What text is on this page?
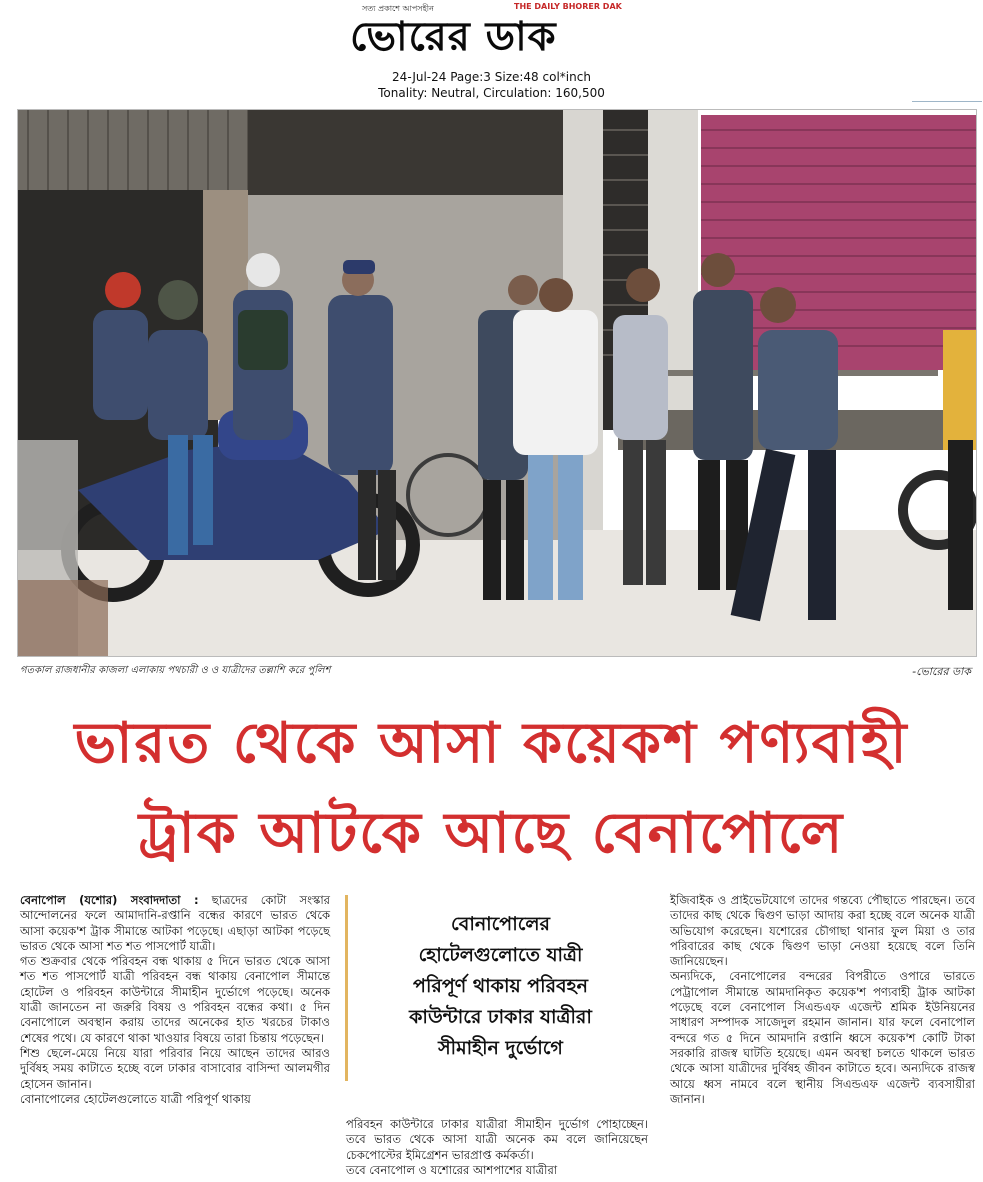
সত্য প্রকাশে আপসহীন	THE DAILY BHORER DAK
ভোরের ডাক
24-Jul-24 Page:3 Size:48 col*inch
Tonality: Neutral, Circulation: 160,500
গতকাল রাজধানীর কাজলা এলাকায় পথচারী ও ও যাত্রীদের তল্লাশি করে পুলিশ	-ভোরের ডাক
ভারত থেকে আসা কয়েকশ পণ্যবাহী
ট্রাক আটকে আছে বেনাপোলে

বেনাপোল (যশোর) সংবাদদাতা : ছাত্রদের কোটা সংস্কার আন্দোলনের ফলে আমাদানি-রপ্তানি বন্ধের কারণে ভারত থেকে আসা কয়েক'শ ট্রাক সীমান্তে আটকা পড়েছে। এছাড়া আটকা পড়েছে ভারত থেকে আসা শত শত পাসপোর্ট যাত্রী।

গত শুক্রবার থেকে পরিবহন বন্ধ থাকায় ৫ দিনে ভারত থেকে আসা শত শত পাসপোর্ট যাত্রী পরিবহন বন্ধ থাকায় বেনাপোল সীমান্তে হোটেল ও পরিবহন কাউন্টারে সীমাহীন দুর্ভোগে পড়েছে। অনেক যাত্রী জানতেন না জরুরি বিষয় ও পরিবহন বন্ধের কথা। ৫ দিন বেনাপোলে অবস্থান করায় তাদের অনেকের হাত খরচের টাকাও শেষের পথে। যে কারণে থাকা খাওয়ার বিষয়ে তারা চিন্তায় পড়েছেন।

শিশু ছেলে-মেয়ে নিয়ে যারা পরিবার নিয়ে আছেন তাদের আরও দুর্বিষহ সময় কাটাতে হচ্ছে বলে ঢাকার বাসাবোর বাসিন্দা আলমগীর হোসেন জানান।

বোনাপোলের হোটেলগুলোতে যাত্রী পরিপূর্ণ থাকায়

বোনাপোলের
হোটেলগুলোতে যাত্রী
পরিপূর্ণ থাকায় পরিবহন
কাউন্টারে ঢাকার যাত্রীরা
সীমাহীন দুর্ভোগে

পরিবহন কাউন্টারে ঢাকার যাত্রীরা সীমাহীন দুর্ভোগ পোহাচ্ছেন। তবে ভারত থেকে আসা যাত্রী অনেক কম বলে জানিয়েছেন চেকপোস্টের ইমিগ্রেশন ভারপ্রাপ্ত কর্মকর্তা।

তবে বেনাপোল ও যশোরের আশপাশের যাত্রীরা

ইজিবাইক ও প্রাইভেটযোগে তাদের গন্তব্যে পৌছাতে পারছেন। তবে তাদের কাছ থেকে দ্বিগুণ ভাড়া আদায় করা হচ্ছে বলে অনেক যাত্রী অভিযোগ করেছেন। যশোরের চৌগাছা থানার ফুল মিয়া ও তার পরিবারের কাছ থেকে দ্বিগুণ ভাড়া নেওয়া হয়েছে বলে তিনি জানিয়েছেন।

অন্যদিকে, বেনাপোলের বন্দরের বিপরীতে ওপারে ভারতে পেট্রাপোল সীমান্তে আমদানিকৃত কয়েক'শ পণ্যবাহী ট্রাক আটকা পড়েছে বলে বেনাপোল সিএন্ডএফ এজেন্ট শ্রমিক ইউনিয়নের সাধারণ সম্পাদক সাজেদুল রহমান জানান। যার ফলে বেনাপোল বন্দরে গত ৫ দিনে আমদানি রপ্তানি ধ্বসে কয়েক'শ কোটি টাকা সরকারি রাজস্ব ঘাটতি হয়েছে। এমন অবস্থা চলতে থাকলে ভারত থেকে আসা যাত্রীদের দুর্বিষহ জীবন কাটাতে হবে। অন্যদিকে রাজস্ব আয়ে ধ্বস নামবে বলে স্থানীয় সিএন্ডএফ এজেন্ট ব্যবসায়ীরা জানান।
